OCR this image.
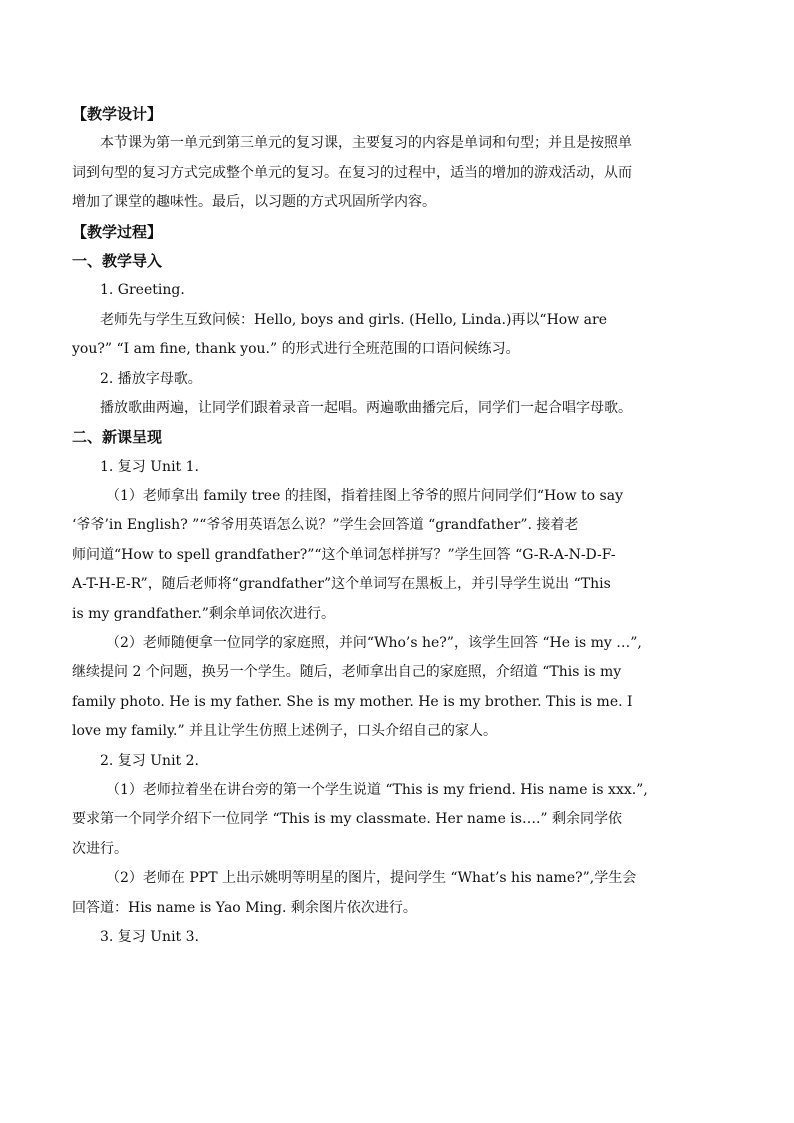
【教学设计】
本节课为第一单元到第三单元的复习课，主要复习的内容是单词和句型；并且是按照单
词到句型的复习方式完成整个单元的复习。在复习的过程中，适当的增加的游戏活动，从而
增加了课堂的趣味性。最后，以习题的方式巩固所学内容。
【教学过程】
一、教学导入
1. Greeting.
老师先与学生互致问候：Hello, boys and girls. (Hello, Linda.)再以“How are
you?” “I am fine, thank you.” 的形式进行全班范围的口语问候练习。
2. 播放字母歌。
播放歌曲两遍，让同学们跟着录音一起唱。两遍歌曲播完后，同学们一起合唱字母歌。
二、新课呈现
1. 复习 Unit 1.
（1）老师拿出 family tree 的挂图，指着挂图上爷爷的照片问同学们“How to say
‘爷爷’in English? ”“爷爷用英语怎么说？”学生会回答道 “grandfather”. 接着老
师问道“How to spell grandfather?”“这个单词怎样拼写？”学生回答 “G-R-A-N-D-F-
A-T-H-E-R”，随后老师将“grandfather”这个单词写在黑板上，并引导学生说出 “This
is my grandfather.”剩余单词依次进行。
（2）老师随便拿一位同学的家庭照，并问“Who’s he?”，该学生回答 “He is my …”,
继续提问 2 个问题，换另一个学生。随后，老师拿出自己的家庭照，介绍道 “This is my
family photo. He is my father. She is my mother. He is my brother. This is me. I
love my family.” 并且让学生仿照上述例子，口头介绍自己的家人。
2. 复习 Unit 2.
（1）老师拉着坐在讲台旁的第一个学生说道 “This is my friend. His name is xxx.”,
要求第一个同学介绍下一位同学 “This is my classmate. Her name is….” 剩余同学依
次进行。
（2）老师在 PPT 上出示姚明等明星的图片，提问学生 “What’s his name?”,学生会
回答道：His name is Yao Ming. 剩余图片依次进行。
3. 复习 Unit 3.
